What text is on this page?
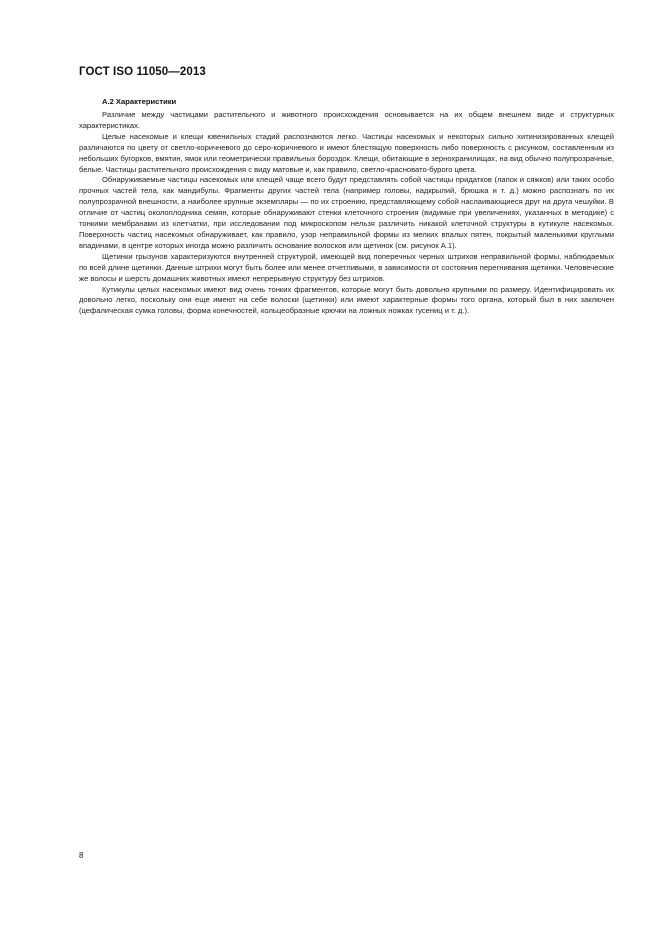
ГОСТ ISO 11050—2013
А.2 Характеристики

Различие между частицами растительного и животного происхождения основывается на их общем внешнем виде и структурных характеристиках.

Целые насекомые и клещи ювенильных стадий распознаются легко. Частицы насекомых и некоторых сильно хитинизированных клещей различаются по цвету от светло-коричневого до серо-коричневого и имеют блестящую поверхность либо поверхность с рисунком, составленным из небольших бугорков, вмятин, ямок или геометрически правильных бороздок. Клещи, обитающие в зернохранилищах, на вид обычно полупрозрачные, белые. Частицы растительного происхождения с виду матовые и, как правило, светло-красновато-бурого цвета.

Обнаруживаемые частицы насекомых или клещей чаще всего будут представлять собой частицы придатков (лапок и сяжков) или таких особо прочных частей тела, как мандибулы. Фрагменты других частей тела (например головы, надкрылий, брюшка и т. д.) можно распознать по их полупрозрачной внешности, а наиболее крупные экземпляры — по их строению, представляющему собой наслаивающиеся друг на друга чешуйки. В отличие от частиц околоплодника семян, которые обнаруживают стенки клеточного строения (видимые при увеличениях, указанных в методике) с тонкими мембранами из клетчатки, при исследовании под микроскопом нельзя различить никакой клеточной структуры в кутикуле насекомых. Поверхность частиц насекомых обнаруживает, как правило, узор неправильной формы из мелких впалых пятен, покрытый маленькими круглыми впадинами, в центре которых иногда можно различить основание волосков или щетинок (см. рисунок А.1).

Щетинки грызунов характеризуются внутренней структурой, имеющей вид поперечных черных штрихов неправильной формы, наблюдаемых по всей длине щетинки. Данные штрихи могут быть более или менее отчетливыми, в зависимости от состояния перегнивания щетинки. Человеческие же волосы и шерсть домашних животных имеют непрерывную структуру без штрихов.

Кутикулы целых насекомых имеют вид очень тонких фрагментов, которые могут быть довольно крупными по размеру. Идентифицировать их довольно легко, поскольку они еще имеют на себе волоски (щетинки) или имеют характерные формы того органа, который был в них заключен (цефалическая сумка головы, форма конечностей, кольцеобразные крючки на ложных ножках гусениц и т. д.).

8
